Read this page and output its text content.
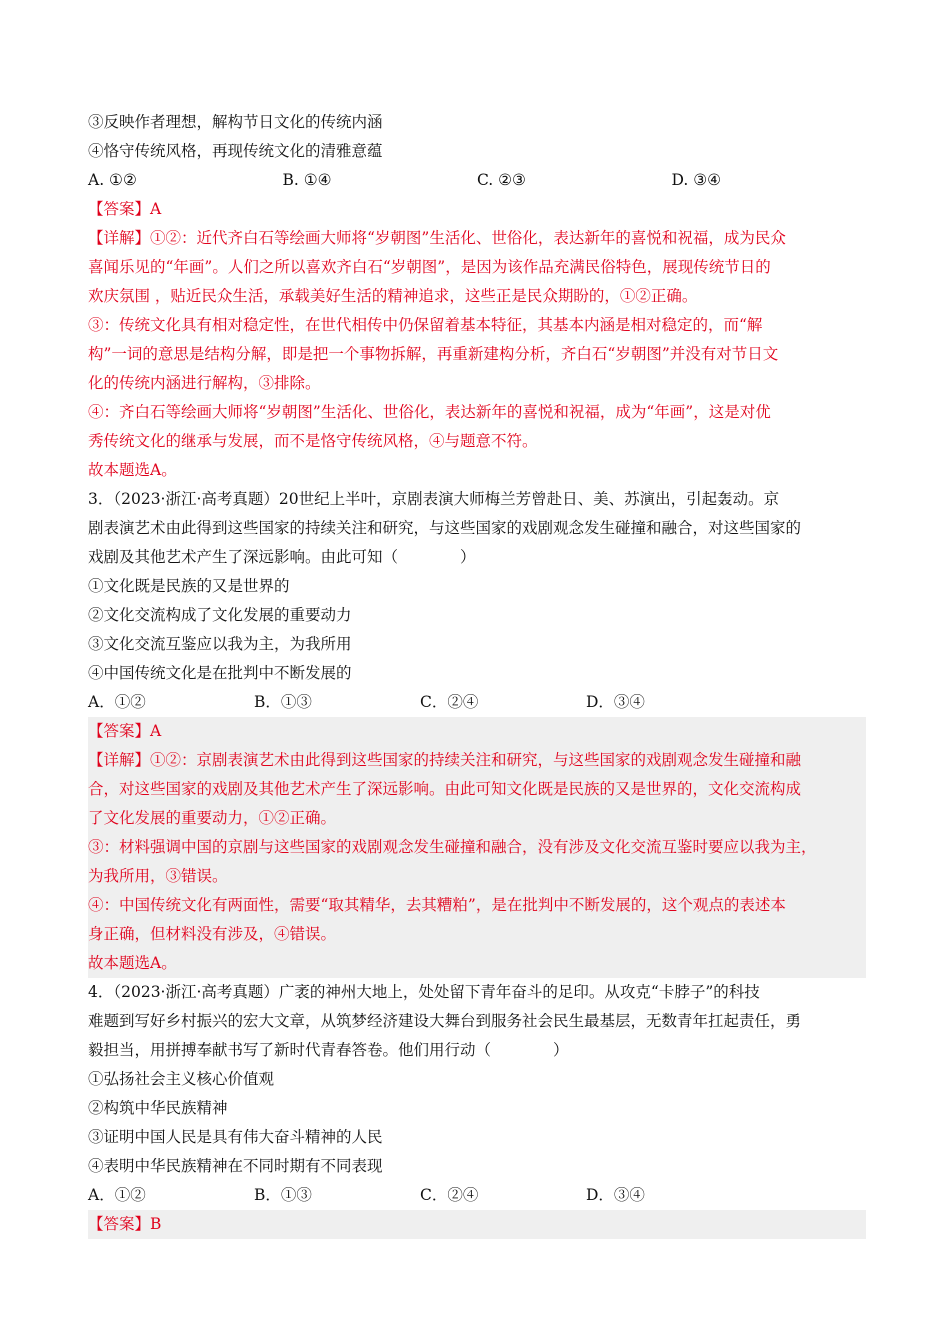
③反映作者理想，解构节日文化的传统内涵
④恪守传统风格，再现传统文化的清雅意蕴
A. ①②	B. ①④	C. ②③	D. ③④
【答案】A
【详解】①②：近代齐白石等绘画大师将“岁朝图”生活化、世俗化，表达新年的喜悦和祝福，成为民众
喜闻乐见的“年画”。人们之所以喜欢齐白石“岁朝图”，是因为该作品充满民俗特色，展现传统节日的
欢庆氛围 ，贴近民众生活，承载美好生活的精神追求，这些正是民众期盼的，①②正确。
③：传统文化具有相对稳定性，在世代相传中仍保留着基本特征，其基本内涵是相对稳定的，而“解
构”一词的意思是结构分解，即是把一个事物拆解，再重新建构分析，齐白石“岁朝图”并没有对节日文
化的传统内涵进行解构，③排除。
④：齐白石等绘画大师将“岁朝图”生活化、世俗化，表达新年的喜悦和祝福，成为“年画”，这是对优
秀传统文化的继承与发展，而不是恪守传统风格，④与题意不符。
故本题选A。
3．（2023·浙江·高考真题）20世纪上半叶，京剧表演大师梅兰芳曾赴日、美、苏演出，引起轰动。京
剧表演艺术由此得到这些国家的持续关注和研究，与这些国家的戏剧观念发生碰撞和融合，对这些国家的
戏剧及其他艺术产生了深远影响。由此可知（　　　　）
①文化既是民族的又是世界的
②文化交流构成了文化发展的重要动力
③文化交流互鉴应以我为主，为我所用
④中国传统文化是在批判中不断发展的
A．①②	B．①③	C．②④	D．③④
【答案】A
【详解】①②：京剧表演艺术由此得到这些国家的持续关注和研究，与这些国家的戏剧观念发生碰撞和融
合，对这些国家的戏剧及其他艺术产生了深远影响。由此可知文化既是民族的又是世界的，文化交流构成
了文化发展的重要动力，①②正确。
③：材料强调中国的京剧与这些国家的戏剧观念发生碰撞和融合，没有涉及文化交流互鉴时要应以我为主，
为我所用，③错误。
④：中国传统文化有两面性，需要“取其精华，去其糟粕”，是在批判中不断发展的，这个观点的表述本
身正确，但材料没有涉及，④错误。
故本题选A。
4．（2023·浙江·高考真题）广袤的神州大地上，处处留下青年奋斗的足印。从攻克“卡脖子”的科技
难题到写好乡村振兴的宏大文章，从筑梦经济建设大舞台到服务社会民生最基层，无数青年扛起责任，勇
毅担当，用拼搏奉献书写了新时代青春答卷。他们用行动（　　　　）
①弘扬社会主义核心价值观
②构筑中华民族精神
③证明中国人民是具有伟大奋斗精神的人民
④表明中华民族精神在不同时期有不同表现
A．①②	B．①③	C．②④	D．③④
【答案】B
